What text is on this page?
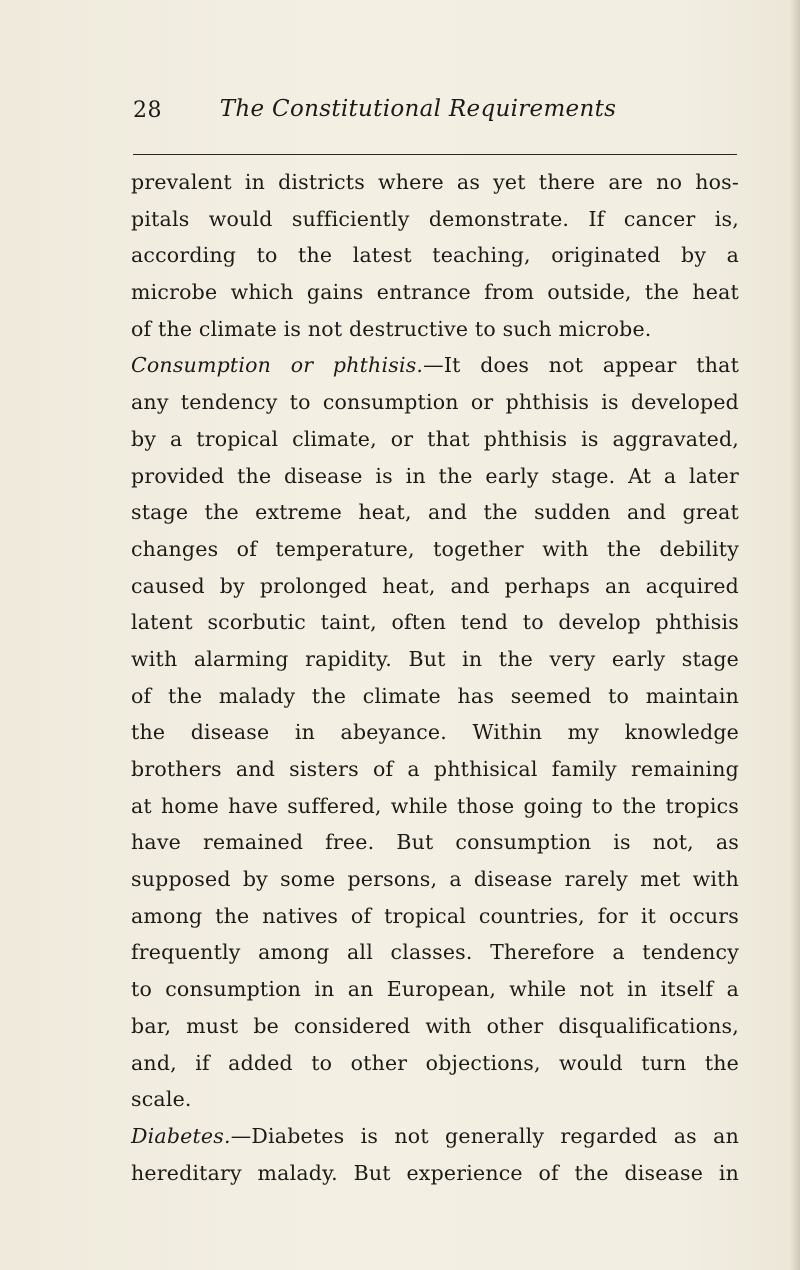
28	The Constitutional Requirements
prevalent in districts where as yet there are no hos-
pitals would sufficiently demonstrate. If cancer is,
according to the latest teaching, originated by a
microbe which gains entrance from outside, the heat
of the climate is not destructive to such microbe.
Consumption or phthisis.—It does not appear that
any tendency to consumption or phthisis is developed
by a tropical climate, or that phthisis is aggravated,
provided the disease is in the early stage. At a later
stage the extreme heat, and the sudden and great
changes of temperature, together with the debility
caused by prolonged heat, and perhaps an acquired
latent scorbutic taint, often tend to develop phthisis
with alarming rapidity. But in the very early stage
of the malady the climate has seemed to maintain
the disease in abeyance. Within my knowledge
brothers and sisters of a phthisical family remaining
at home have suffered, while those going to the tropics
have remained free. But consumption is not, as
supposed by some persons, a disease rarely met with
among the natives of tropical countries, for it occurs
frequently among all classes. Therefore a tendency
to consumption in an European, while not in itself a
bar, must be considered with other disqualifications,
and, if added to other objections, would turn the
scale.
Diabetes.—Diabetes is not generally regarded as an
hereditary malady. But experience of the disease in
